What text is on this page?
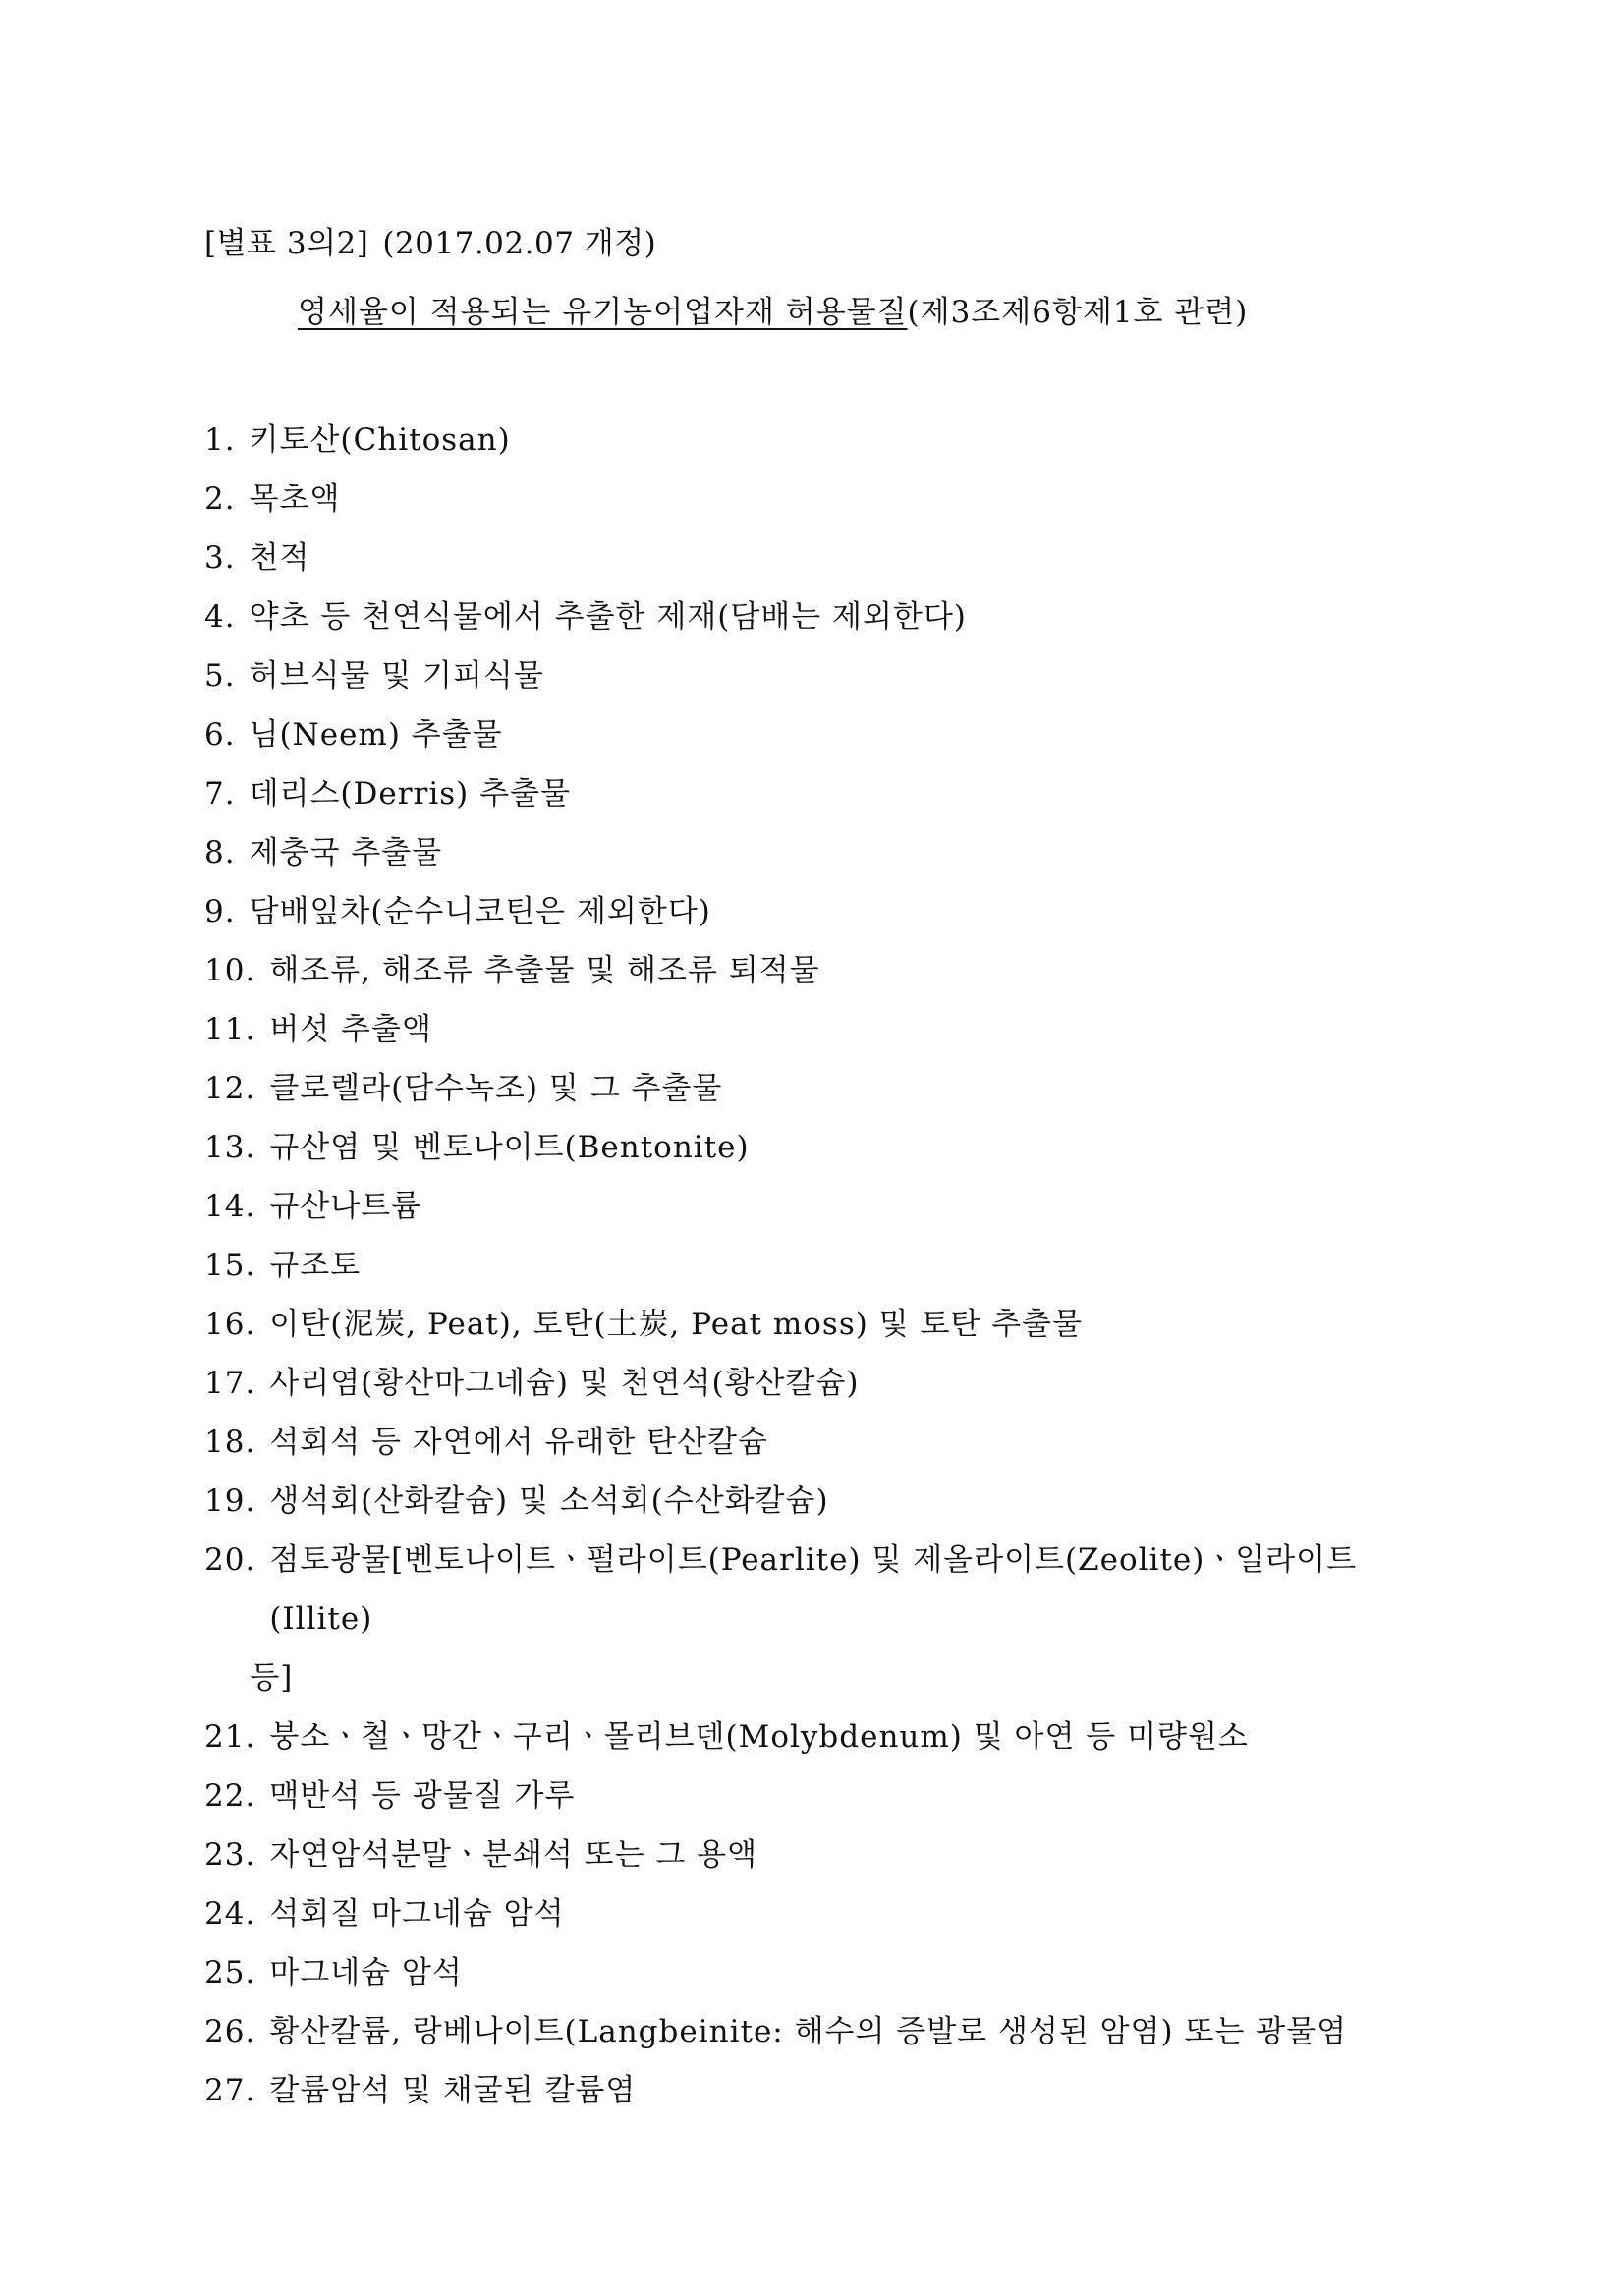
[별표 3의2] (2017.02.07 개정)
영세율이 적용되는 유기농어업자재 허용물질(제3조제6항제1호 관련)
1. 키토산(Chitosan)
2. 목초액
3. 천적
4. 약초 등 천연식물에서 추출한 제재(담배는 제외한다)
5. 허브식물 및 기피식물
6. 님(Neem) 추출물
7. 데리스(Derris) 추출물
8. 제충국 추출물
9. 담배잎차(순수니코틴은 제외한다)
10. 해조류, 해조류 추출물 및 해조류 퇴적물
11. 버섯 추출액
12. 클로렐라(담수녹조) 및 그 추출물
13. 규산염 및 벤토나이트(Bentonite)
14. 규산나트륨
15. 규조토
16. 이탄(泥炭, Peat), 토탄(土炭, Peat moss) 및 토탄 추출물
17. 사리염(황산마그네슘) 및 천연석(황산칼슘)
18. 석회석 등 자연에서 유래한 탄산칼슘
19. 생석회(산화칼슘) 및 소석회(수산화칼슘)
20. 점토광물[벤토나이트ㆍ펄라이트(Pearlite) 및 제올라이트(Zeolite)ㆍ일라이트(Illite)
등]
21. 붕소ㆍ철ㆍ망간ㆍ구리ㆍ몰리브덴(Molybdenum) 및 아연 등 미량원소
22. 맥반석 등 광물질 가루
23. 자연암석분말ㆍ분쇄석 또는 그 용액
24. 석회질 마그네슘 암석
25. 마그네슘 암석
26. 황산칼륨, 랑베나이트(Langbeinite: 해수의 증발로 생성된 암염) 또는 광물염
27. 칼륨암석 및 채굴된 칼륨염
